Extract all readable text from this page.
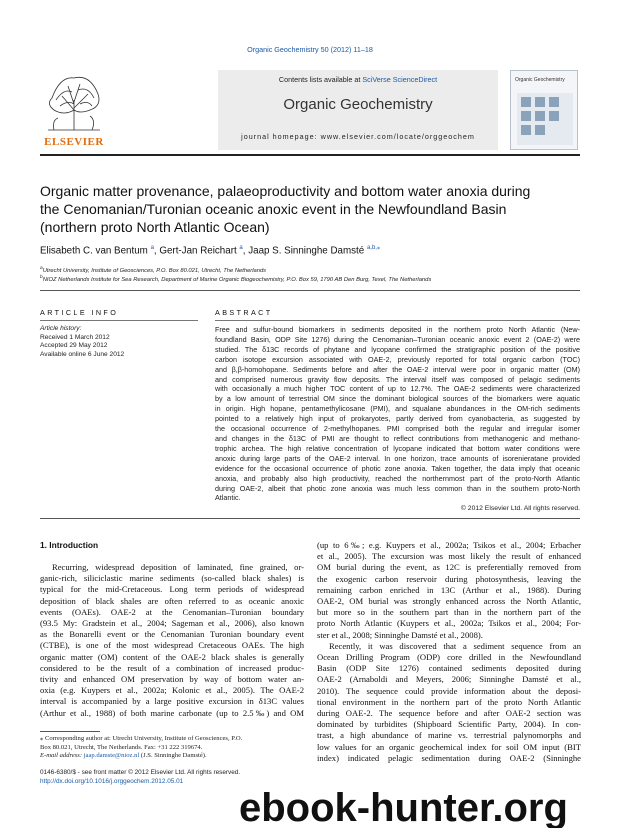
Organic Geochemistry 50 (2012) 11–18
ELSEVIER
Contents lists available at SciVerse ScienceDirect
Organic Geochemistry
journal homepage: www.elsevier.com/locate/orggeochem
Organic Geochemistry
Organic matter provenance, palaeoproductivity and bottom water anoxia during
the Cenomanian/Turonian oceanic anoxic event in the Newfoundland Basin
(northern proto North Atlantic Ocean)
Elisabeth C. van Bentum $^a$, Gert-Jan Reichart $^a$, Jaap S. Sinninghe Damsté $^{a,b,⁎}$
$^a$Utrecht University, Institute of Geosciences, P.O. Box 80.021, Utrecht, The Netherlands
$^b$NIOZ Netherlands Institute for Sea Research, Department of Marine Organic Biogeochemistry, P.O. Box 59, 1790 AB Den Burg, Texel, The Netherlands
ARTICLE INFO	ABSTRACT
Article history:
Received 1 March 2012
Accepted 29 May 2012
Available online 6 June 2012
Free and sulfur-bound biomarkers in sediments deposited in the northern proto North Atlantic (New-
foundland Basin, ODP Site 1276) during the Cenomanian–Turonian oceanic anoxic event 2 (OAE-2) were
studied. The δ13C records of phytane and lycopane confirmed the stratigraphic position of the positive
carbon isotope excursion associated with OAE-2, previously reported for total organic carbon (TOC)
and β,β-homohopane. Sediments before and after the OAE-2 interval were poor in organic matter (OM)
and comprised numerous gravity flow deposits. The interval itself was composed of pelagic sediments
with occasionally a much higher TOC content of up to 12.7%. The OAE-2 sediments were characterized
by a low amount of terrestrial OM since the dominant biological sources of the biomarkers were aquatic
in origin. High hopane, pentamethylicosane (PMI), and squalane abundances in the OM-rich sediments
pointed to a relatively high input of prokaryotes, partly derived from cyanobacteria, as suggested by
the occasional occurrence of 2-methylhopanes. PMI comprised both the regular and irregular isomer
and changes in the δ13C of PMI are thought to reflect contributions from methanogenic and methano-
trophic archea. The high relative concentration of lycopane indicated that bottom water conditions were
anoxic during large parts of the OAE-2 interval. In one horizon, trace amounts of isorenieratane provided
evidence for the occasional occurrence of photic zone anoxia. Taken together, the data imply that oceanic
anoxia, and probably also high productivity, reached the northernmost part of the proto-North Atlantic
during OAE-2, albeit that photic zone anoxia was much less common than in the southern proto-North
Atlantic.
© 2012 Elsevier Ltd. All rights reserved.
1. Introduction
Recurring, widespread deposition of laminated, fine grained, or-
ganic-rich, siliciclastic marine sediments (so-called black shales) is
typical for the mid-Cretaceous. Long term periods of widespread
deposition of black shales are often referred to as oceanic anoxic
events (OAEs). OAE-2 at the Cenomanian–Turonian boundary
(93.5 My: Gradstein et al., 2004; Sageman et al., 2006), also known
as the Bonarelli event or the Cenomanian Turonian boundary event
(CTBE), is one of the most widespread Cretaceous OAEs. The high
organic matter (OM) content of the OAE-2 black shales is generally
considered to be the result of a combination of increased produc-
tivity and enhanced OM preservation by way of bottom water an-
oxia (e.g. Kuypers et al., 2002a; Kolonic et al., 2005). The OAE-2
interval is accompanied by a large positive excursion in δ13C values
(Arthur et al., 1988) of both marine carbonate (up to 2.5‰) and OM
(up to 6‰; e.g. Kuypers et al., 2002a; Tsikos et al., 2004; Erbacher
et al., 2005). The excursion was most likely the result of enhanced
OM burial during the event, as 12C is preferentially removed from
the exogenic carbon reservoir during photosynthesis, leaving the
remaining carbon enriched in 13C (Arthur et al., 1988). During
OAE-2, OM burial was strongly enhanced across the North Atlantic,
but more so in the southern part than in the northern part of the
proto North Atlantic (Kuypers et al., 2002a; Tsikos et al., 2004; For-
ster et al., 2008; Sinninghe Damsté et al., 2008).
Recently, it was discovered that a sediment sequence from an
Ocean Drilling Program (ODP) core drilled in the Newfoundland
Basin (ODP Site 1276) contained sediments deposited during
OAE-2 (Arnaboldi and Meyers, 2006; Sinninghe Damsté et al.,
2010). The sequence could provide information about the deposi-
tional environment in the northern part of the proto North Atlantic
during OAE-2. The sequence before and after OAE-2 section was
dominated by turbidites (Shipboard Scientific Party, 2004). In con-
trast, a high abundance of marine vs. terrestrial palynomorphs and
low values for an organic geochemical index for soil OM input (BIT
index) indicated pelagic sedimentation during OAE-2 (Sinninghe
⁎ Corresponding author at: Utrecht University, Institute of Geosciences, P.O.
Box 80.021, Utrecht, The Netherlands. Fax: +31 222 319674.
E-mail address: jaap.damste@nioz.nl (J.S. Sinninghe Damsté).
0146-6380/$ - see front matter © 2012 Elsevier Ltd. All rights reserved.
http://dx.doi.org/10.1016/j.orggeochem.2012.05.01
ebook-hunter.org
